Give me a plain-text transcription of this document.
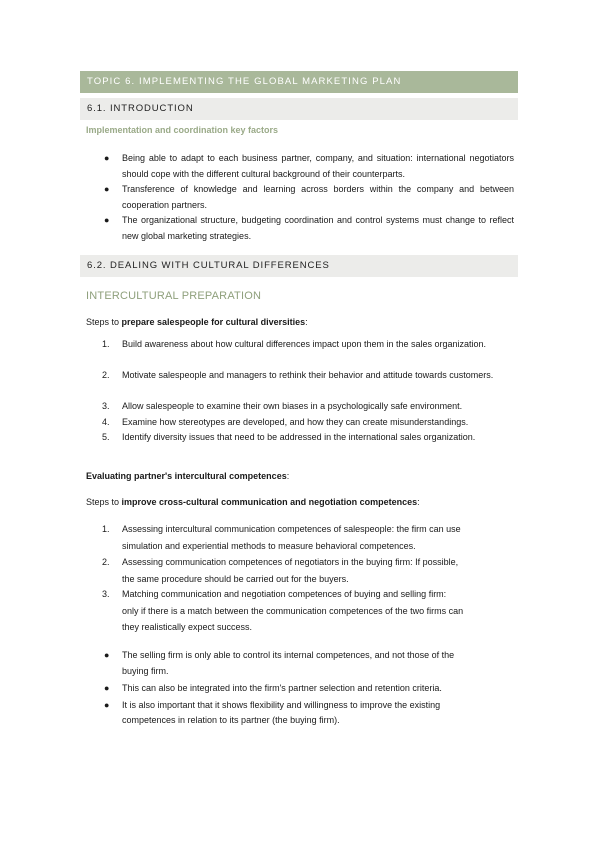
TOPIC 6. IMPLEMENTING THE GLOBAL MARKETING PLAN
6.1. INTRODUCTION
Implementation and coordination key factors
● Being able to adapt to each business partner, company, and situation: international negotiators should cope with the different cultural background of their counterparts.
● Transference of knowledge and learning across borders within the company and between cooperation partners.
● The organizational structure, budgeting coordination and control systems must change to reflect new global marketing strategies.
6.2. DEALING WITH CULTURAL DIFFERENCES
INTERCULTURAL PREPARATION
Steps to prepare salespeople for cultural diversities:
1. Build awareness about how cultural differences impact upon them in the sales organization.
2. Motivate salespeople and managers to rethink their behavior and attitude towards customers.
3. Allow salespeople to examine their own biases in a psychologically safe environment.
4. Examine how stereotypes are developed, and how they can create misunderstandings.
5. Identify diversity issues that need to be addressed in the international sales organization.
Evaluating partner's intercultural competences:
Steps to improve cross-cultural communication and negotiation competences:
1. Assessing intercultural communication competences of salespeople: the firm can use
simulation and experiential methods to measure behavioral competences.
2. Assessing communication competences of negotiators in the buying firm: If possible,
the same procedure should be carried out for the buyers.
3. Matching communication and negotiation competences of buying and selling firm:
only if there is a match between the communication competences of the two firms can
they realistically expect success.
● The selling firm is only able to control its internal competences, and not those of the
buying firm.
● This can also be integrated into the firm's partner selection and retention criteria.
● It is also important that it shows flexibility and willingness to improve the existing
competences in relation to its partner (the buying firm).
